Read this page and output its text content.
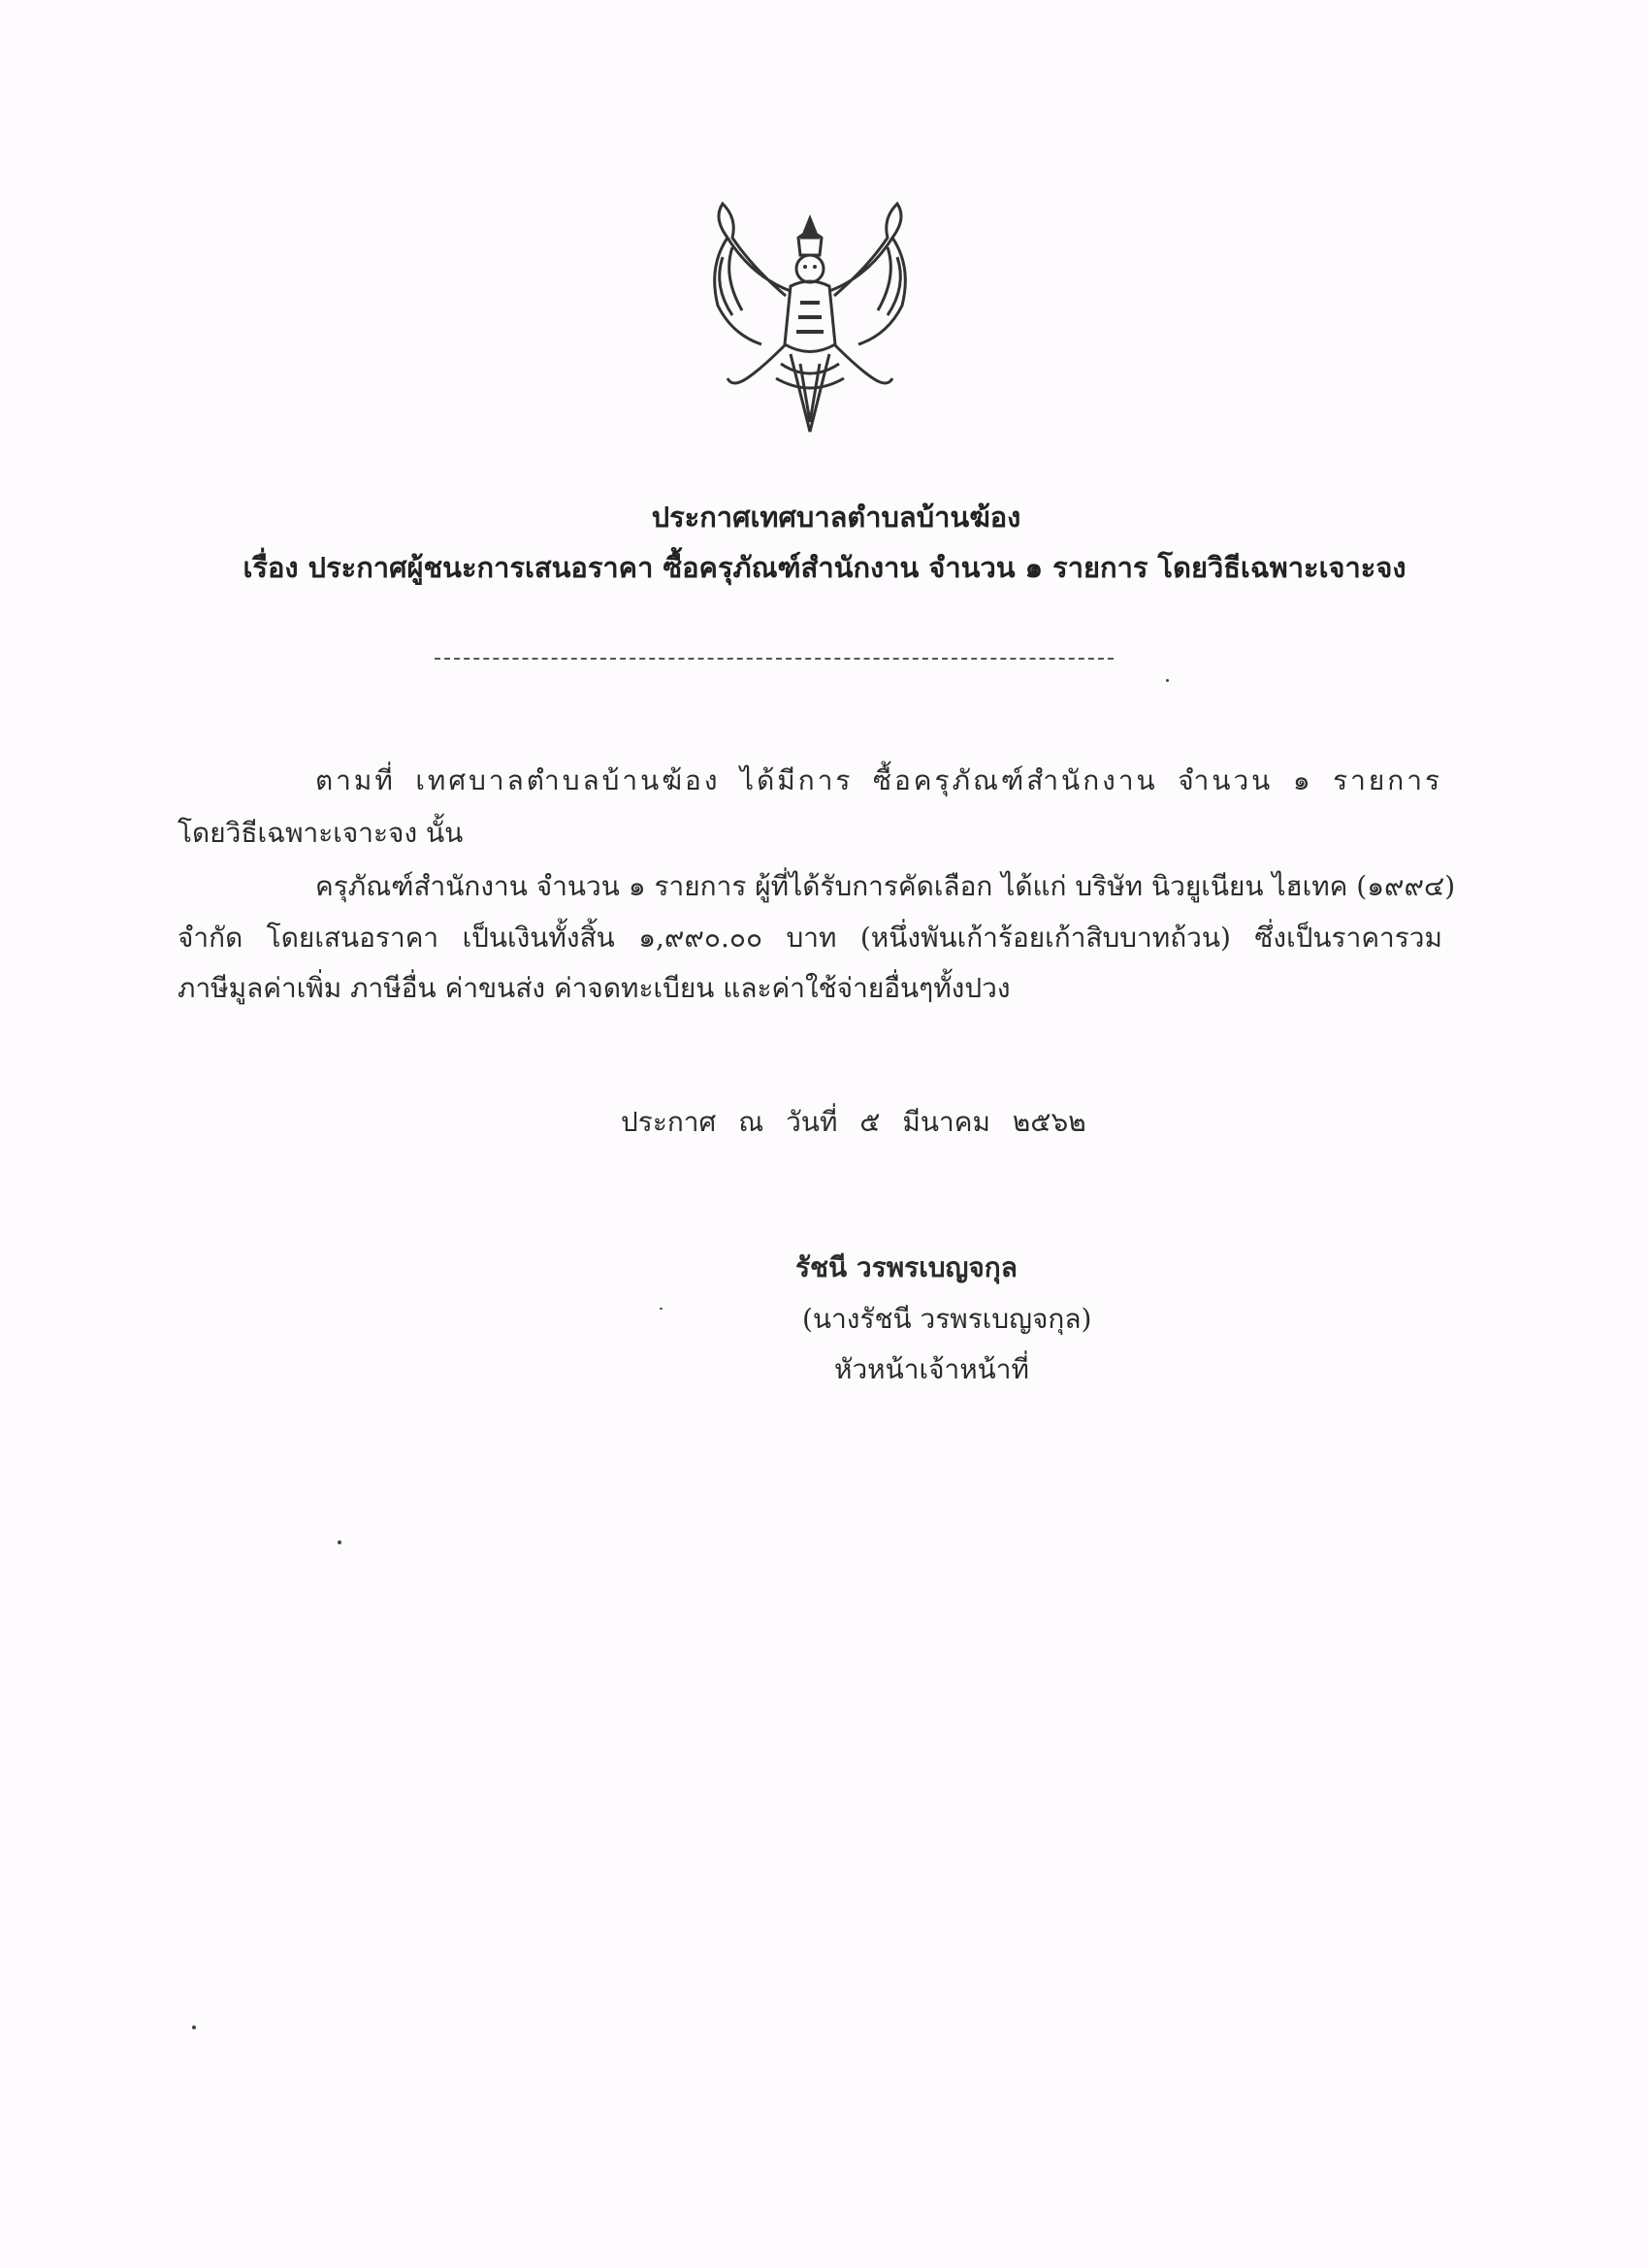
ประกาศเทศบาลตำบลบ้านฆ้อง
เรื่อง ประกาศผู้ชนะการเสนอราคา ซื้อครุภัณฑ์สำนักงาน จำนวน ๑ รายการ โดยวิธีเฉพาะเจาะจง
ตามที่ เทศบาลตำบลบ้านฆ้อง ได้มีการ ซื้อครุภัณฑ์สำนักงาน จำนวน ๑ รายการ
โดยวิธีเฉพาะเจาะจง นั้น
ครุภัณฑ์สำนักงาน จำนวน ๑ รายการ ผู้ที่ได้รับการคัดเลือก ได้แก่ บริษัท นิวยูเนียน ไฮเทค (๑๙๙๔)
จำกัด โดยเสนอราคา เป็นเงินทั้งสิ้น ๑,๙๙๐.๐๐ บาท (หนึ่งพันเก้าร้อยเก้าสิบบาทถ้วน) ซึ่งเป็นราคารวม
ภาษีมูลค่าเพิ่ม ภาษีอื่น ค่าขนส่ง ค่าจดทะเบียน และค่าใช้จ่ายอื่นๆทั้งปวง
ประกาศ ณ วันที่ ๕ มีนาคม ๒๕๖๒
รัชนี วรพรเบญจกุล
(นางรัชนี วรพรเบญจกุล)
หัวหน้าเจ้าหน้าที่
